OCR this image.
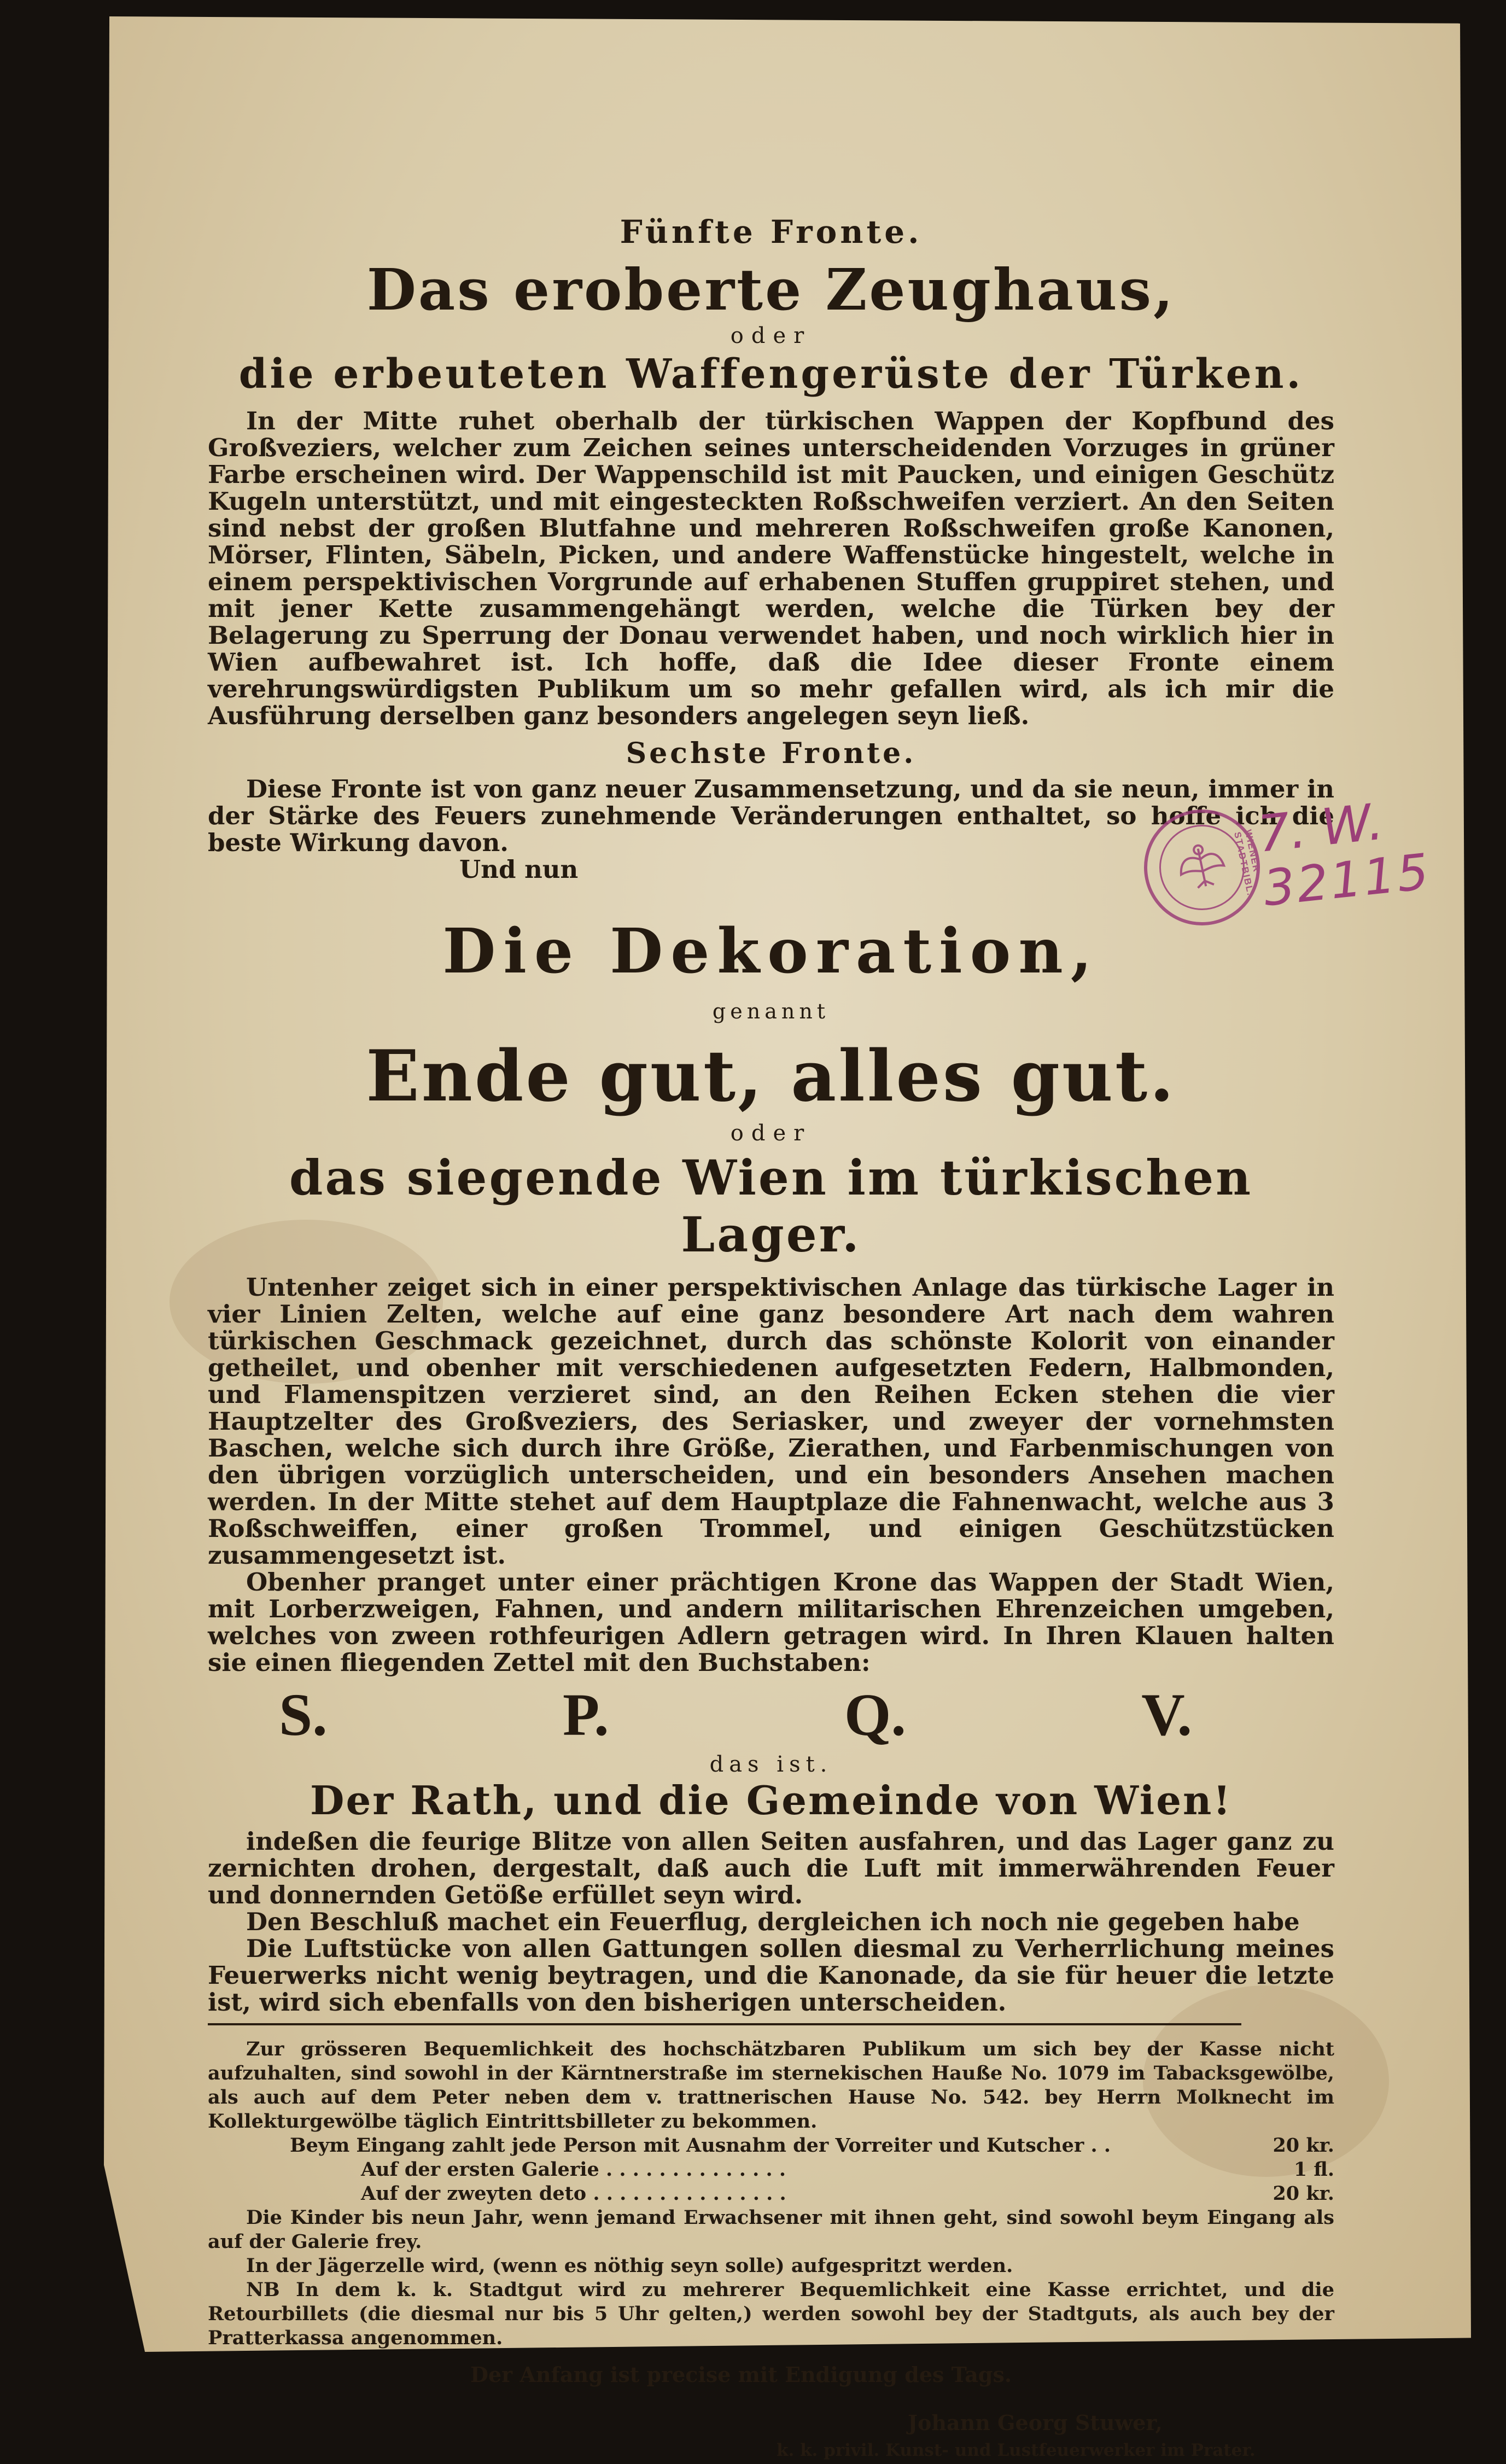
Fünfte Fronte.

Das eroberte Zeughaus,

oder

die erbeuteten Waffengerüste der Türken.

In der Mitte ruhet oberhalb der türkischen Wappen der Kopfbund des Großveziers, welcher zum Zeichen seines unterscheidenden Vorzuges in grüner Farbe erscheinen wird. Der Wappenschild ist mit Paucken, und einigen Geschütz Kugeln unterstützt, und mit eingesteckten Roßschweifen verziert. An den Seiten sind nebst der großen Blutfahne und mehreren Roßschweifen große Kanonen, Mörser, Flinten, Säbeln, Picken, und andere Waffenstücke hingestelt, welche in einem perspektivischen Vorgrunde auf erhabenen Stuffen gruppiret stehen, und mit jener Kette zusammengehängt werden, welche die Türken bey der Belagerung zu Sperrung der Donau verwendet haben, und noch wirklich hier in Wien aufbewahret ist. Ich hoffe, daß die Idee dieser Fronte einem verehrungswürdigsten Publikum um so mehr gefallen wird, als ich mir die Ausführung derselben ganz besonders angelegen seyn ließ.

Sechste Fronte.

Diese Fronte ist von ganz neuer Zusammensetzung, und da sie neun, immer in der Stärke des Feuers zunehmende Veränderungen enthaltet, so hoffe ich die beste Wirkung davon.

Und nun

Die Dekoration,

genannt

Ende gut, alles gut.

oder

das siegende Wien im türkischen Lager.

Untenher zeiget sich in einer perspektivischen Anlage das türkische Lager in vier Linien Zelten, welche auf eine ganz besondere Art nach dem wahren türkischen Geschmack gezeichnet, durch das schönste Kolorit von einander getheilet, und obenher mit verschiedenen aufgesetzten Federn, Halbmonden, und Flamenspitzen verzieret sind, an den Reihen Ecken stehen die vier Hauptzelter des Großveziers, des Seriasker, und zweyer der vornehmsten Baschen, welche sich durch ihre Größe, Zierathen, und Farbenmischungen von den übrigen vorzüglich unterscheiden, und ein besonders Ansehen machen werden. In der Mitte stehet auf dem Hauptplaze die Fahnenwacht, welche aus 3 Roßschweiffen, einer großen Trommel, und einigen Geschützstücken zusammengesetzt ist.

Obenher pranget unter einer prächtigen Krone das Wappen der Stadt Wien, mit Lorberzweigen, Fahnen, und andern militarischen Ehrenzeichen umgeben, welches von zween rothfeurigen Adlern getragen wird. In Ihren Klauen halten sie einen fliegenden Zettel mit den Buchstaben:

S.	P.	Q.	V.

das ist.

Der Rath, und die Gemeinde von Wien!

indeßen die feurige Blitze von allen Seiten ausfahren, und das Lager ganz zu zernichten drohen, dergestalt, daß auch die Luft mit immerwährenden Feuer und donnernden Getöße erfüllet seyn wird.

Den Beschluß machet ein Feuerflug, dergleichen ich noch nie gegeben habe

Die Luftstücke von allen Gattungen sollen diesmal zu Verherrlichung meines Feuerwerks nicht wenig beytragen, und die Kanonade, da sie für heuer die letzte ist, wird sich ebenfalls von den bisherigen unterscheiden.

Zur grösseren Bequemlichkeit des hochschätzbaren Publikum um sich bey der Kasse nicht aufzuhalten, sind sowohl in der Kärntnerstraße im sternekischen Hauße No. 1079 im Tabacksgewölbe, als auch auf dem Peter neben dem v. trattnerischen Hause No. 542. bey Herrn Molknecht im Kollekturgewölbe täglich Eintrittsbilleter zu bekommen.

Beym Eingang zahlt jede Person mit Ausnahm der Vorreiter und Kutscher . .	20 kr.
Auf der ersten Galerie . . . . . . . . . . . . . .	1 fl.
Auf der zweyten deto . . . . . . . . . . . . . . .	20 kr.

Die Kinder bis neun Jahr, wenn jemand Erwachsener mit ihnen geht, sind sowohl beym Eingang als auf der Galerie frey.

In der Jägerzelle wird, (wenn es nöthig seyn solle) aufgespritzt werden.

NB In dem k. k. Stadtgut wird zu mehrerer Bequemlichkeit eine Kasse errichtet, und die Retourbillets (die diesmal nur bis 5 Uhr gelten,) werden sowohl bey der Stadtguts, als auch bey der Pratterkassa angenommen.

Der Anfang ist precise mit Endigung des Tags.

Johann Georg Stuwer,

k. k. privil. Kunst- und Lustfeuerwerker im Prater.

WIENER STADTBIBL.
7. W.
32115
